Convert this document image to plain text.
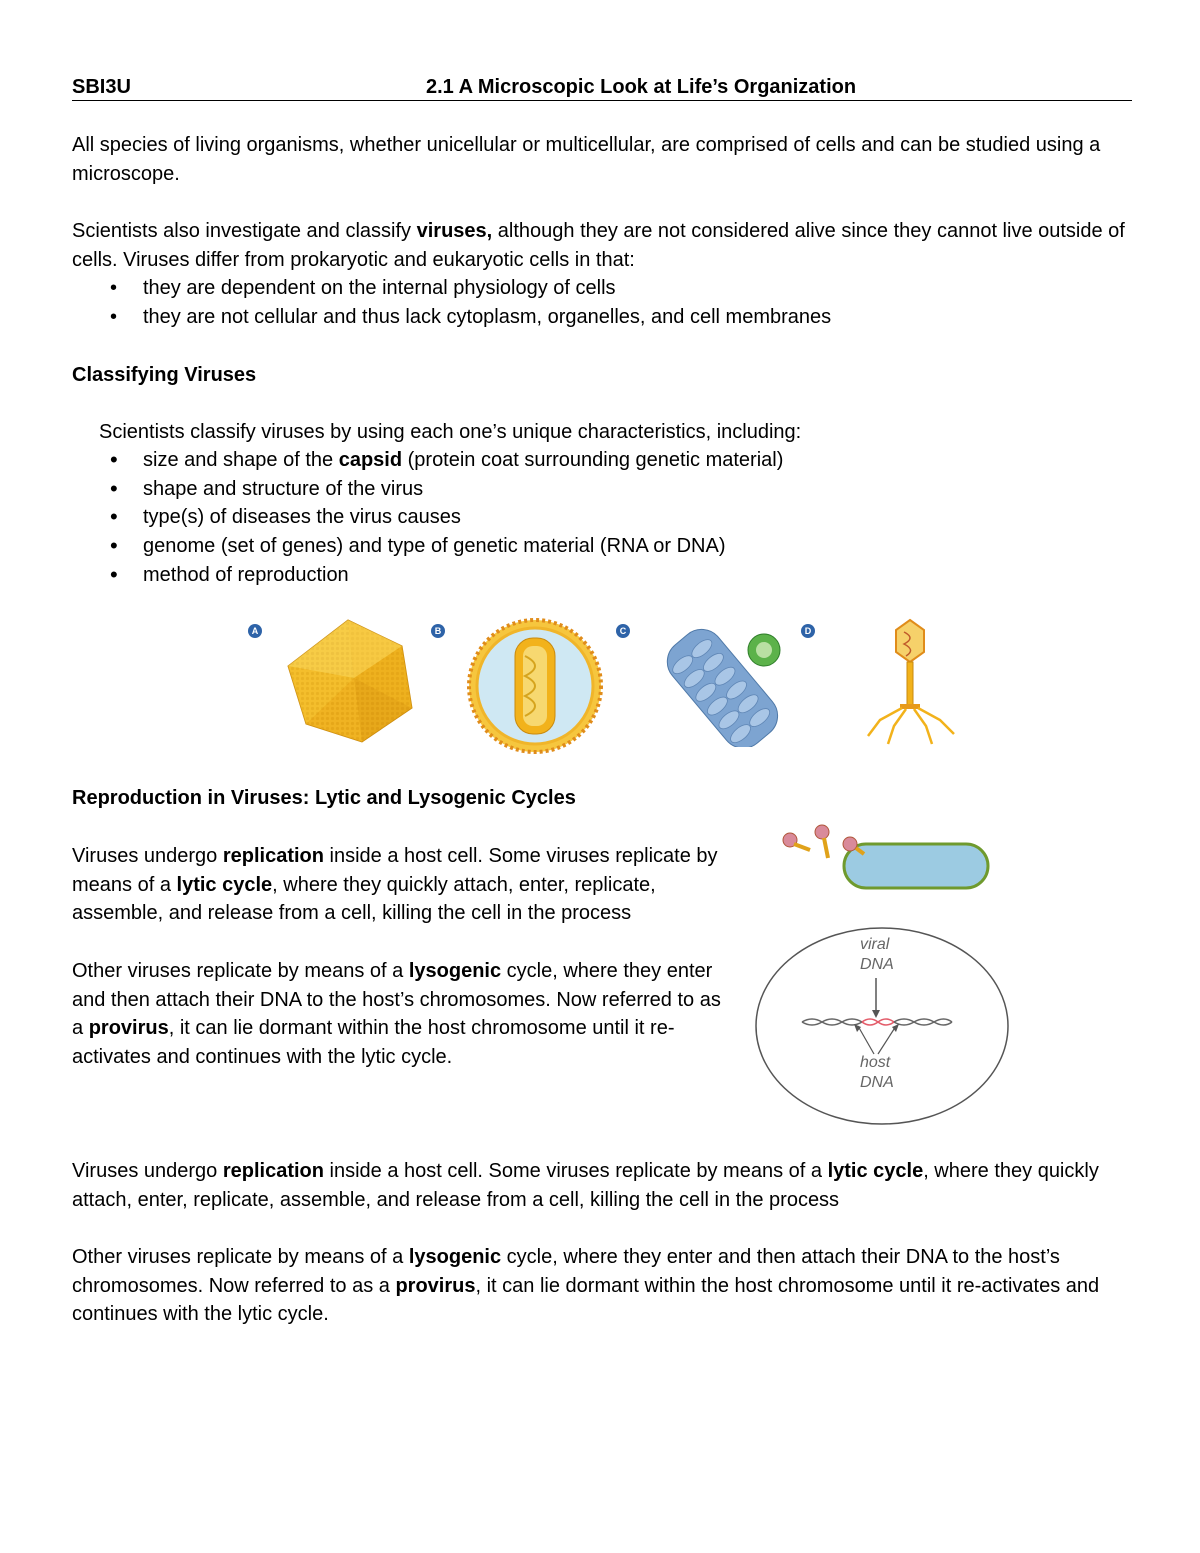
SBI3U	2.1 A Microscopic Look at Life’s Organization

All species of living organisms, whether unicellular or multicellular, are comprised of cells and can be studied using a microscope.

Scientists also investigate and classify viruses, although they are not considered alive since they cannot live outside of cells. Viruses differ from prokaryotic and eukaryotic cells in that:

• they are dependent on the internal physiology of cells
• they are not cellular and thus lack cytoplasm, organelles, and cell membranes

Classifying Viruses

Scientists classify viruses by using each one’s unique characteristics, including:

• size and shape of the capsid (protein coat surrounding genetic material)
• shape and structure of the virus
• type(s) of diseases the virus causes
• genome (set of genes) and type of genetic material (RNA or DNA)
• method of reproduction
A	B	C	D

Reproduction in Viruses: Lytic and Lysogenic Cycles

Viruses undergo replication inside a host cell. Some viruses replicate by means of a lytic cycle, where they quickly attach, enter, replicate, assemble, and release from a cell, killing the cell in the process

Other viruses replicate by means of a lysogenic cycle, where they enter and then attach their DNA to the host’s chromosomes. Now referred to as a provirus, it can lie dormant within the host chromosome until it re-activates and continues with the lytic cycle.

viral
DNA
host
DNA

Viruses undergo replication inside a host cell. Some viruses replicate by means of a lytic cycle, where they quickly attach, enter, replicate, assemble, and release from a cell, killing the cell in the process

Other viruses replicate by means of a lysogenic cycle, where they enter and then attach their DNA to the host’s chromosomes. Now referred to as a provirus, it can lie dormant within the host chromosome until it re-activates and continues with the lytic cycle.
